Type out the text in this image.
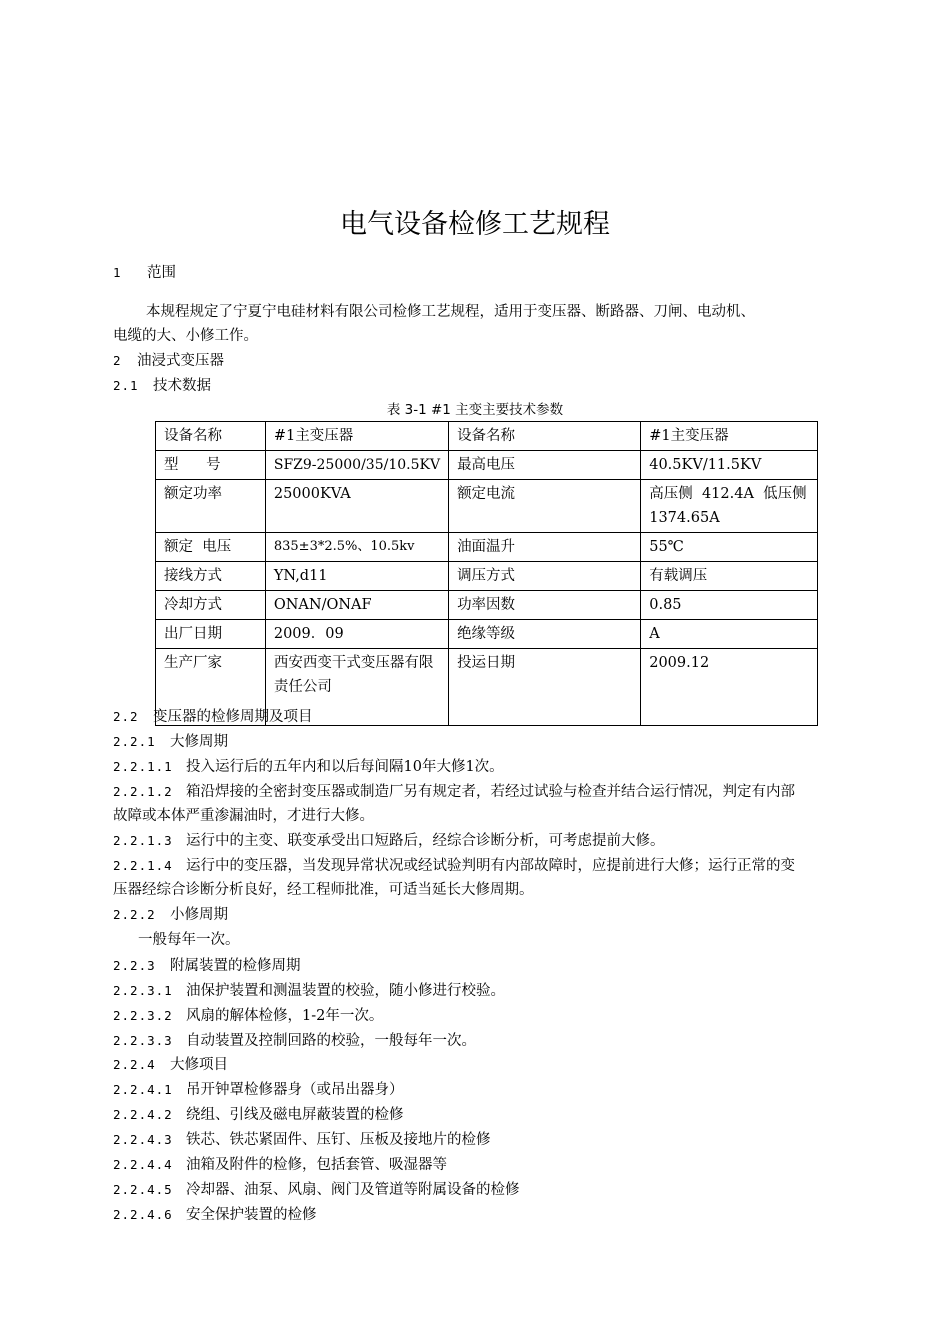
电气设备检修工艺规程
1 范围
本规程规定了宁夏宁电硅材料有限公司检修工艺规程，适用于变压器、断路器、刀闸、电动机、
电缆的大、小修工作。
2 油浸式变压器
2.1 技术数据
表 3-1 #1 主变主要技术参数
设备名称	#1主变压器	设备名称	#1主变压器
型      号	SFZ9-25000/35/10.5KV	最高电压	40.5KV/11.5KV
额定功率	25000KVA	额定电流	高压侧  412.4A  低压侧  1374.65A
额定  电压	835±3*2.5%、10.5kv	油面温升	55℃
接线方式	YN,d11	调压方式	有载调压
冷却方式	ONAN/ONAF	功率因数	0.85
出厂日期	2009．09	绝缘等级	A
生产厂家	西安西变干式变压器有限责任公司	投运日期	2009.12
2.2 变压器的检修周期及项目
2.2.1 大修周期
2.2.1.1 投入运行后的五年内和以后每间隔10年大修1次。
2.2.1.2 箱沿焊接的全密封变压器或制造厂另有规定者，若经过试验与检查并结合运行情况，判定有内部
故障或本体严重渗漏油时，才进行大修。
2.2.1.3 运行中的主变、联变承受出口短路后，经综合诊断分析，可考虑提前大修。
2.2.1.4 运行中的变压器，当发现异常状况或经试验判明有内部故障时，应提前进行大修；运行正常的变
压器经综合诊断分析良好，经工程师批准，可适当延长大修周期。
2.2.2 小修周期
一般每年一次。
2.2.3 附属装置的检修周期
2.2.3.1 油保护装置和测温装置的校验，随小修进行校验。
2.2.3.2 风扇的解体检修，1-2年一次。
2.2.3.3 自动装置及控制回路的校验，一般每年一次。
2.2.4 大修项目
2.2.4.1 吊开钟罩检修器身（或吊出器身）
2.2.4.2 绕组、引线及磁电屏蔽装置的检修
2.2.4.3 铁芯、铁芯紧固件、压钉、压板及接地片的检修
2.2.4.4 油箱及附件的检修，包括套管、吸湿器等
2.2.4.5 冷却器、油泵、风扇、阀门及管道等附属设备的检修
2.2.4.6 安全保护装置的检修
